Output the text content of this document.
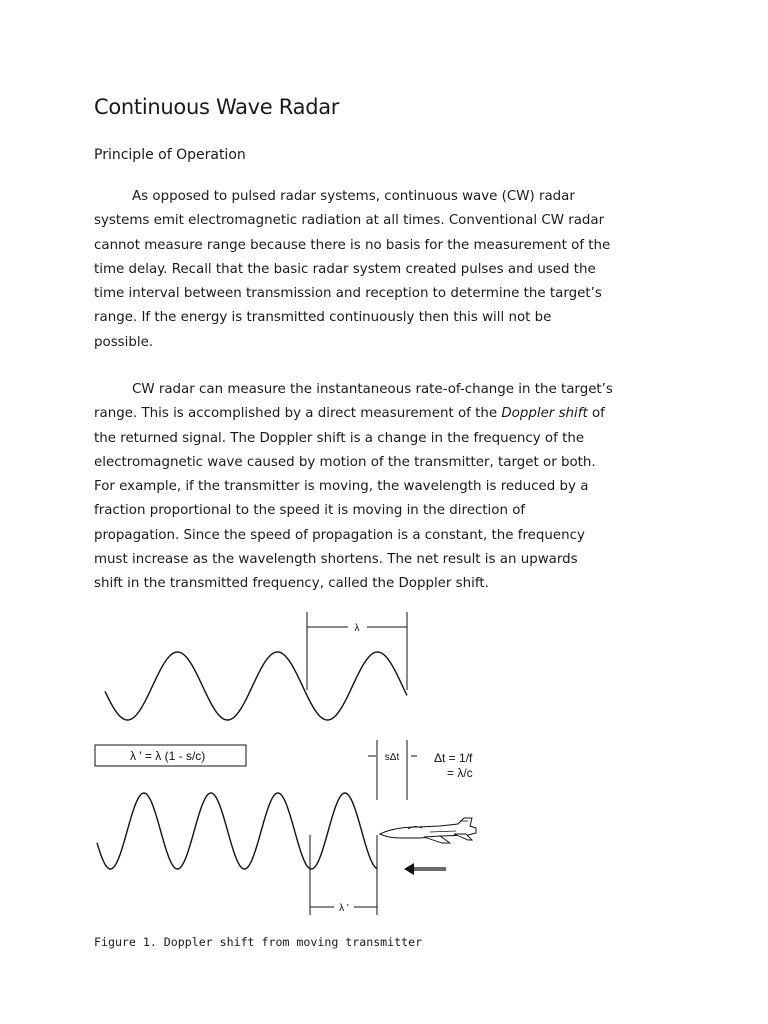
Continuous Wave Radar
Principle of Operation

As opposed to pulsed radar systems, continuous wave (CW) radar
systems emit electromagnetic radiation at all times. Conventional CW radar
cannot measure range because there is no basis for the measurement of the
time delay. Recall that the basic radar system created pulses and used the
time interval between transmission and reception to determine the target’s
range. If the energy is transmitted continuously then this will not be
possible.

CW radar can measure the instantaneous rate-of-change in the target’s
range. This is accomplished by a direct measurement of the Doppler shift of
the returned signal. The Doppler shift is a change in the frequency of the
electromagnetic wave caused by motion of the transmitter, target or both.
For example, if the transmitter is moving, the wavelength is reduced by a
fraction proportional to the speed it is moving in the direction of
propagation. Since the speed of propagation is a constant, the frequency
must increase as the wavelength shortens. The net result is an upwards
shift in the transmitted frequency, called the Doppler shift.

λ
sΔt	Δt = 1/f
= λ/c
λ ' = λ (1 - s/c)
λ '

Figure 1. Doppler shift from moving transmitter
